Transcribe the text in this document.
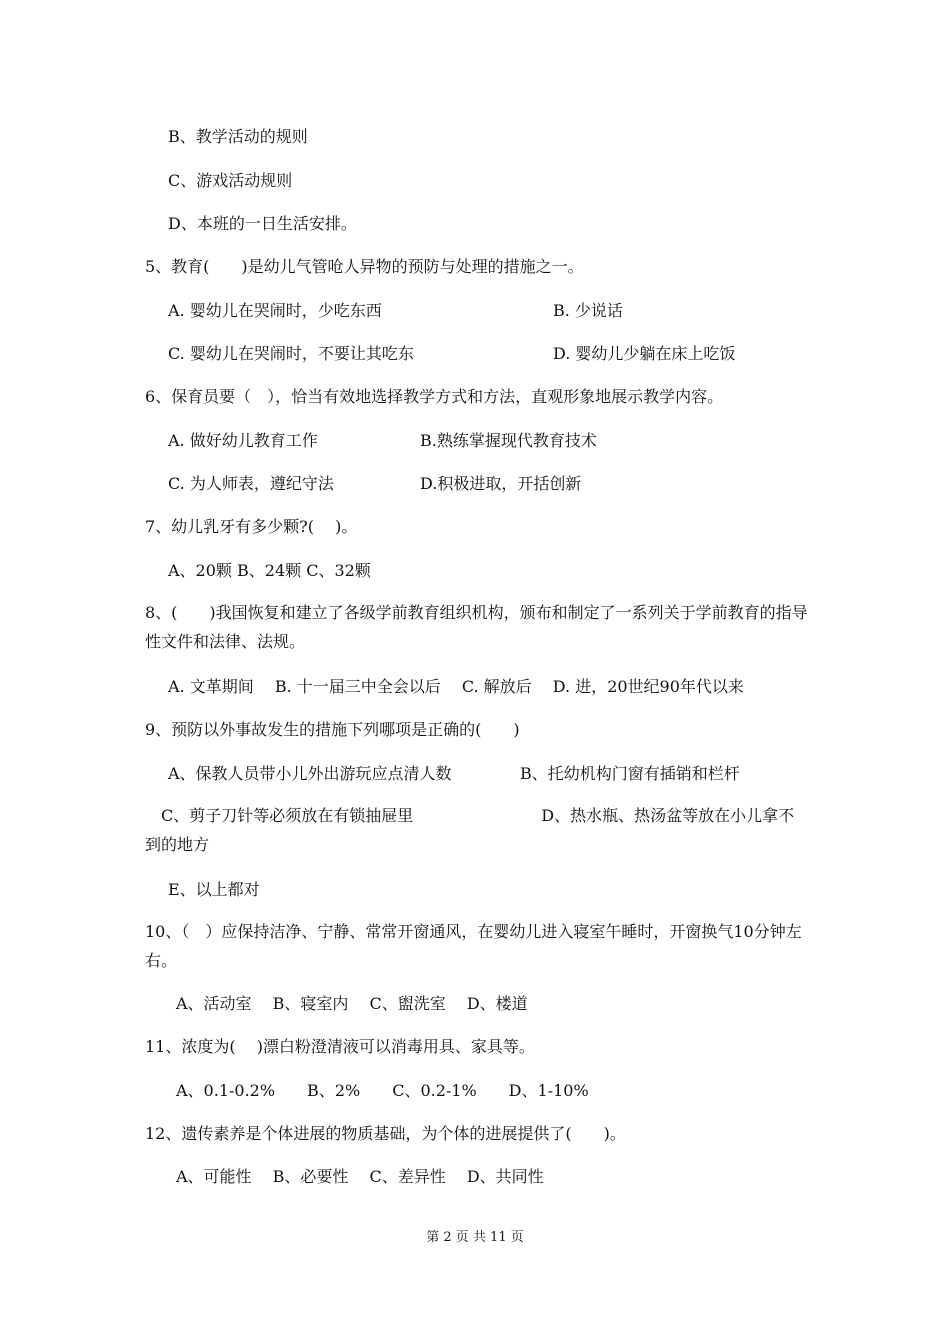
B、教学活动的规则
C、游戏活动规则
D、本班的一日生活安排。
5、教育(　　)是幼儿气管呛人异物的预防与处理的措施之一。
A. 婴幼儿在哭闹时，少吃东西	B. 少说话
C. 婴幼儿在哭闹时，不要让其吃东	D. 婴幼儿少躺在床上吃饭
6、保育员要（　），恰当有效地选择教学方式和方法，直观形象地展示教学内容。
A. 做好幼儿教育工作	B.熟练掌握现代教育技术
C. 为人师表，遵纪守法	D.积极进取，开括创新
7、幼儿乳牙有多少颗?(　 )。
A、20颗 B、24颗 C、32颗
8、(　　)我国恢复和建立了各级学前教育组织机构，颁布和制定了一系列关于学前教育的指导性文件和法律、法规。
A. 文革期间　 B. 十一届三中全会以后　 C. 解放后　 D. 进，20世纪90年代以来
9、预防以外事故发生的措施下列哪项是正确的(　　)
A、保教人员带小儿外出游玩应点清人数	B、托幼机构门窗有插销和栏杆
　C、剪子刀针等必须放在有锁抽屉里　　　　　　　　D、热水瓶、热汤盆等放在小儿拿不到的地方
E、以上都对
10、（　）应保持洁净、宁静、常常开窗通风，在婴幼儿进入寝室午睡时，开窗换气10分钟左右。
A、活动室　 B、寝室内　 C、盥洗室　 D、楼道
11、浓度为(　 )漂白粉澄清液可以消毒用具、家具等。
A、0.1-0.2%　　B、2%　　C、0.2-1%　　D、1-10%
12、遗传素养是个体进展的物质基础，为个体的进展提供了(　　)。
A、可能性　 B、必要性　 C、差异性　 D、共同性
第 2 页 共 11 页
